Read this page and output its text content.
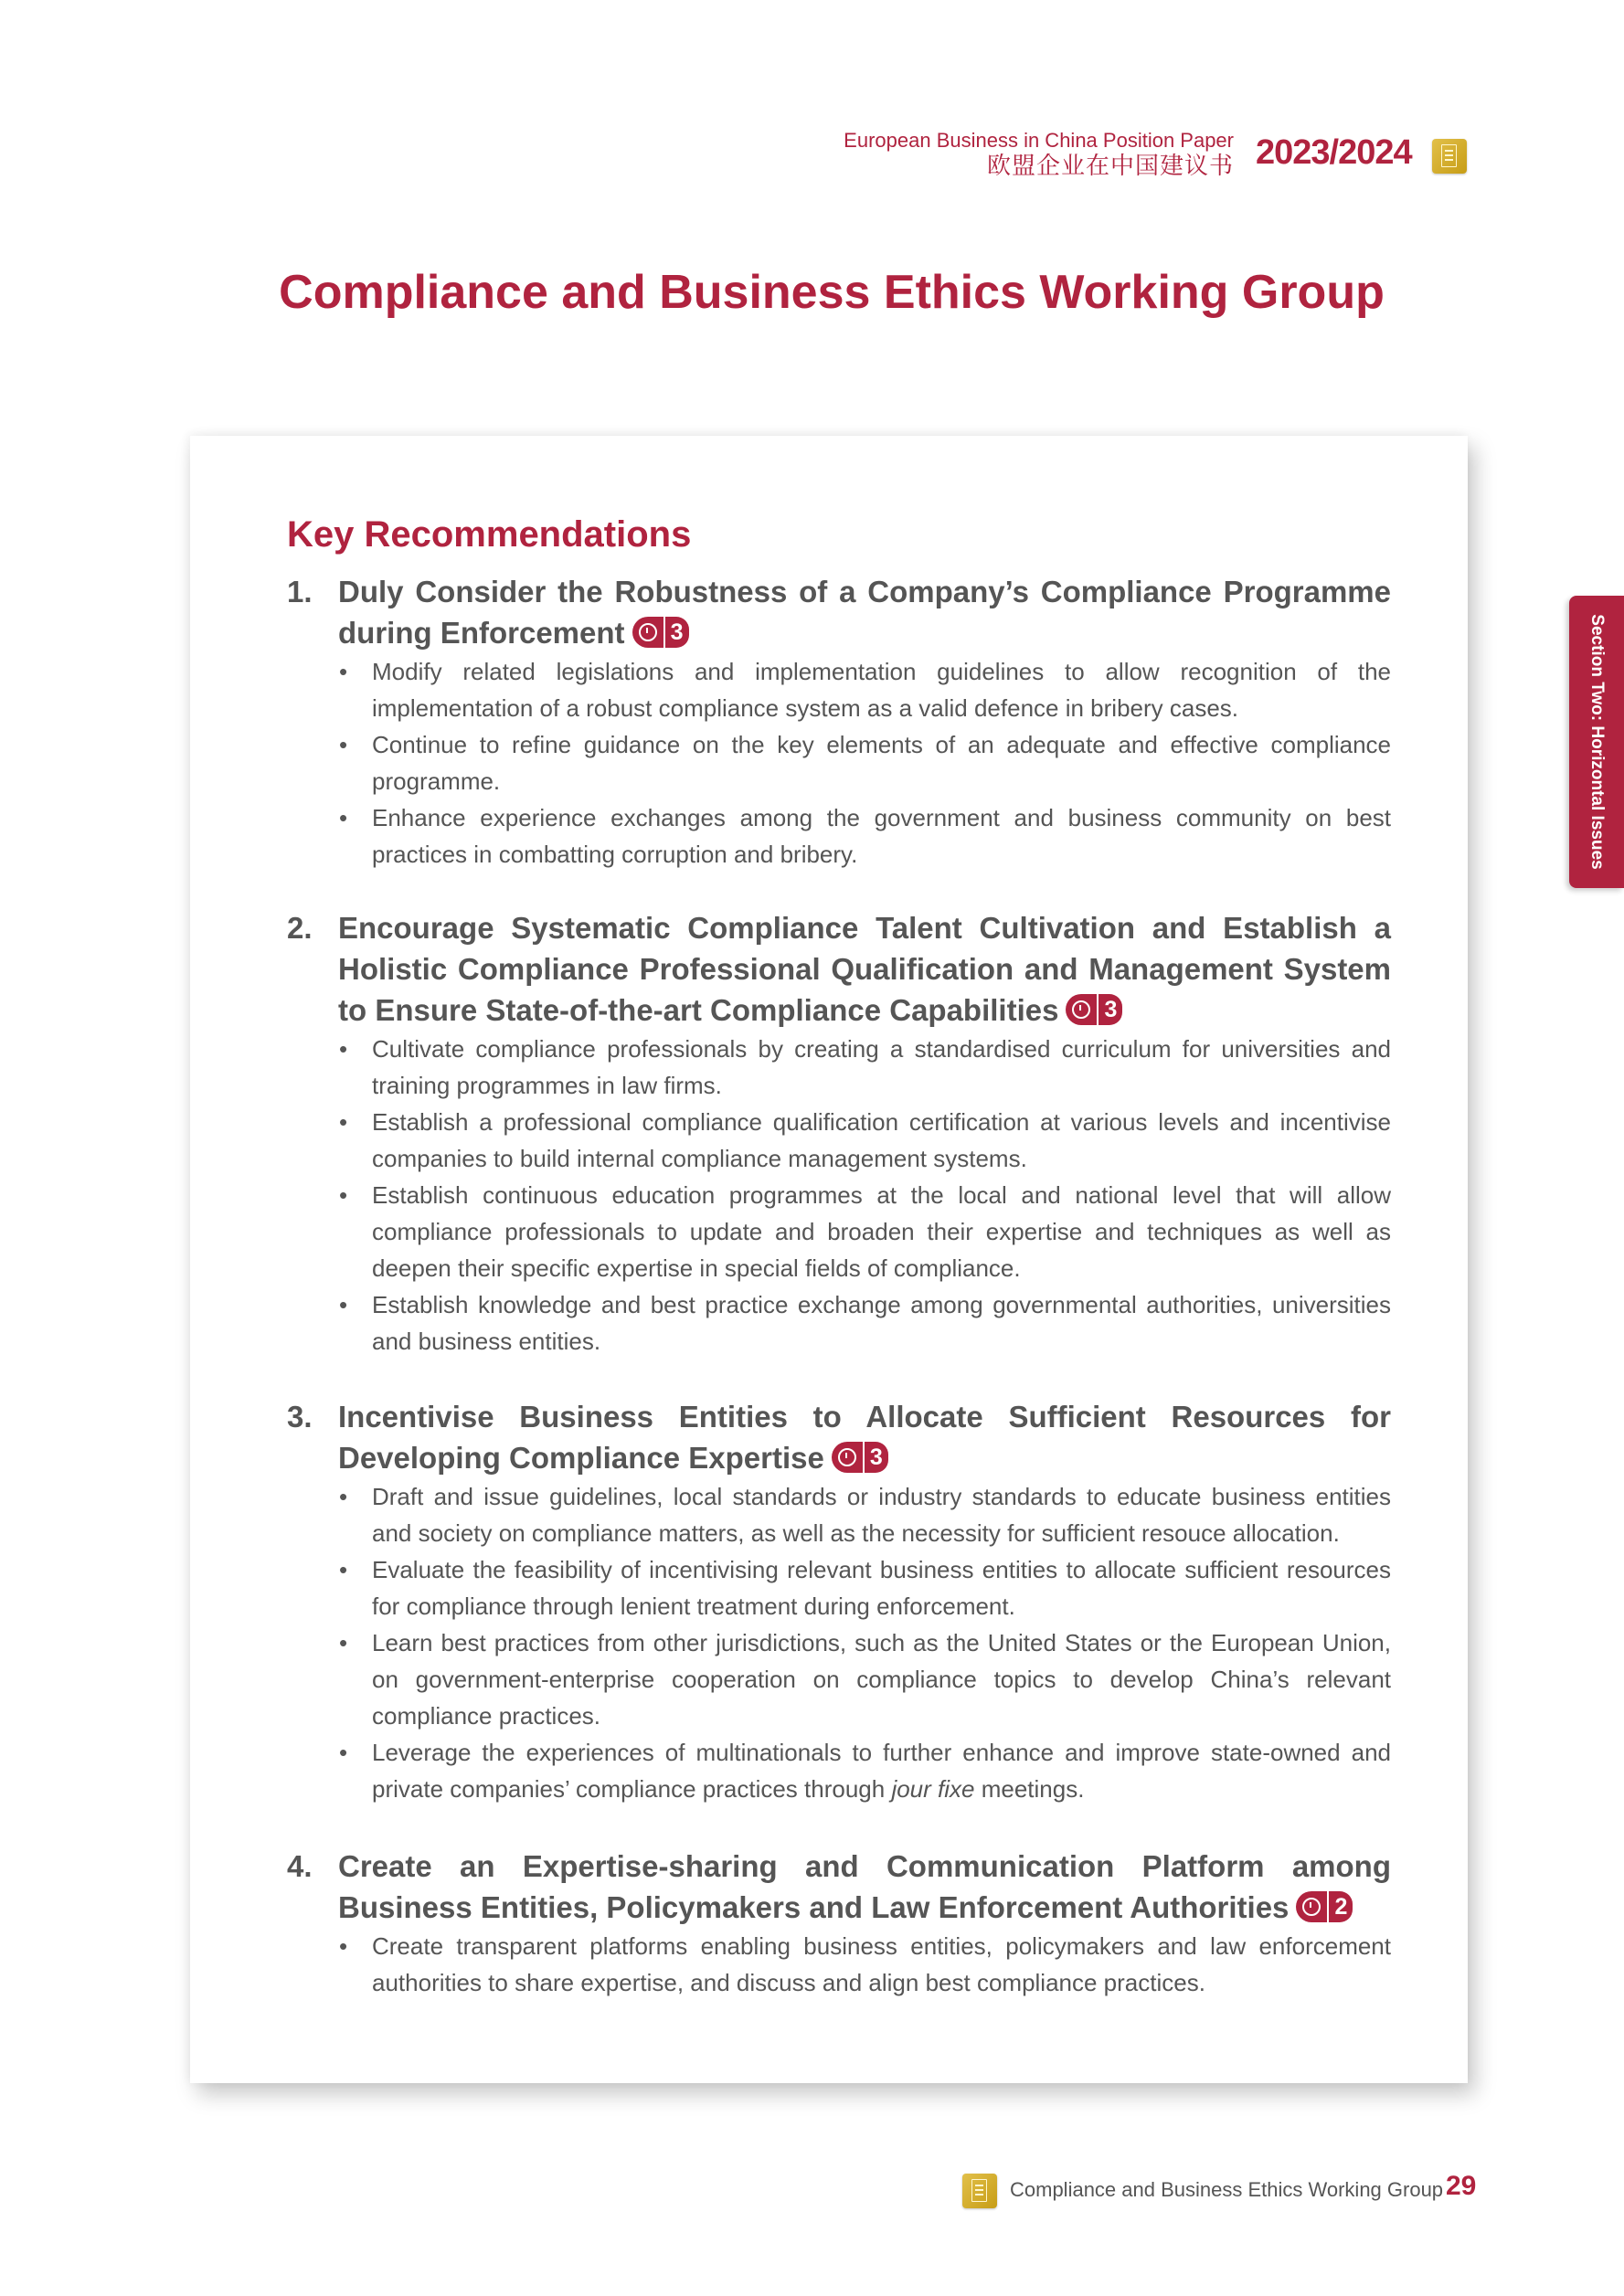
European Business in China Position Paper
欧盟企业在中国建议书 2023/2024
Compliance and Business Ethics Working Group
Key Recommendations
1. Duly Consider the Robustness of a Company’s Compliance Programme during Enforcement 3
• Modify related legislations and implementation guidelines to allow recognition of the implementation of a robust compliance system as a valid defence in bribery cases.
• Continue to refine guidance on the key elements of an adequate and effective compliance programme.
• Enhance experience exchanges among the government and business community on best practices in combatting corruption and bribery.
2. Encourage Systematic Compliance Talent Cultivation and Establish a Holistic Compliance Professional Qualification and Management System to Ensure State-of-the-art Compliance Capabilities 3
• Cultivate compliance professionals by creating a standardised curriculum for universities and training programmes in law firms.
• Establish a professional compliance qualification certification at various levels and incentivise companies to build internal compliance management systems.
• Establish continuous education programmes at the local and national level that will allow compliance professionals to update and broaden their expertise and techniques as well as deepen their specific expertise in special fields of compliance.
• Establish knowledge and best practice exchange among governmental authorities, universities and business entities.
3. Incentivise Business Entities to Allocate Sufficient Resources for Developing Compliance Expertise 3
• Draft and issue guidelines, local standards or industry standards to educate business entities and society on compliance matters, as well as the necessity for sufficient resouce allocation.
• Evaluate the feasibility of incentivising relevant business entities to allocate sufficient resources for compliance through lenient treatment during enforcement.
• Learn best practices from other jurisdictions, such as the United States or the European Union, on government-enterprise cooperation on compliance topics to develop China’s relevant compliance practices.
• Leverage the experiences of multinationals to further enhance and improve state-owned and private companies’ compliance practices through jour fixe meetings.
4. Create an Expertise-sharing and Communication Platform among Business Entities, Policymakers and Law Enforcement Authorities 2
• Create transparent platforms enabling business entities, policymakers and law enforcement authorities to share expertise, and discuss and align best compliance practices.
Section Two: Horizontal Issues
Compliance and Business Ethics Working Group 29
